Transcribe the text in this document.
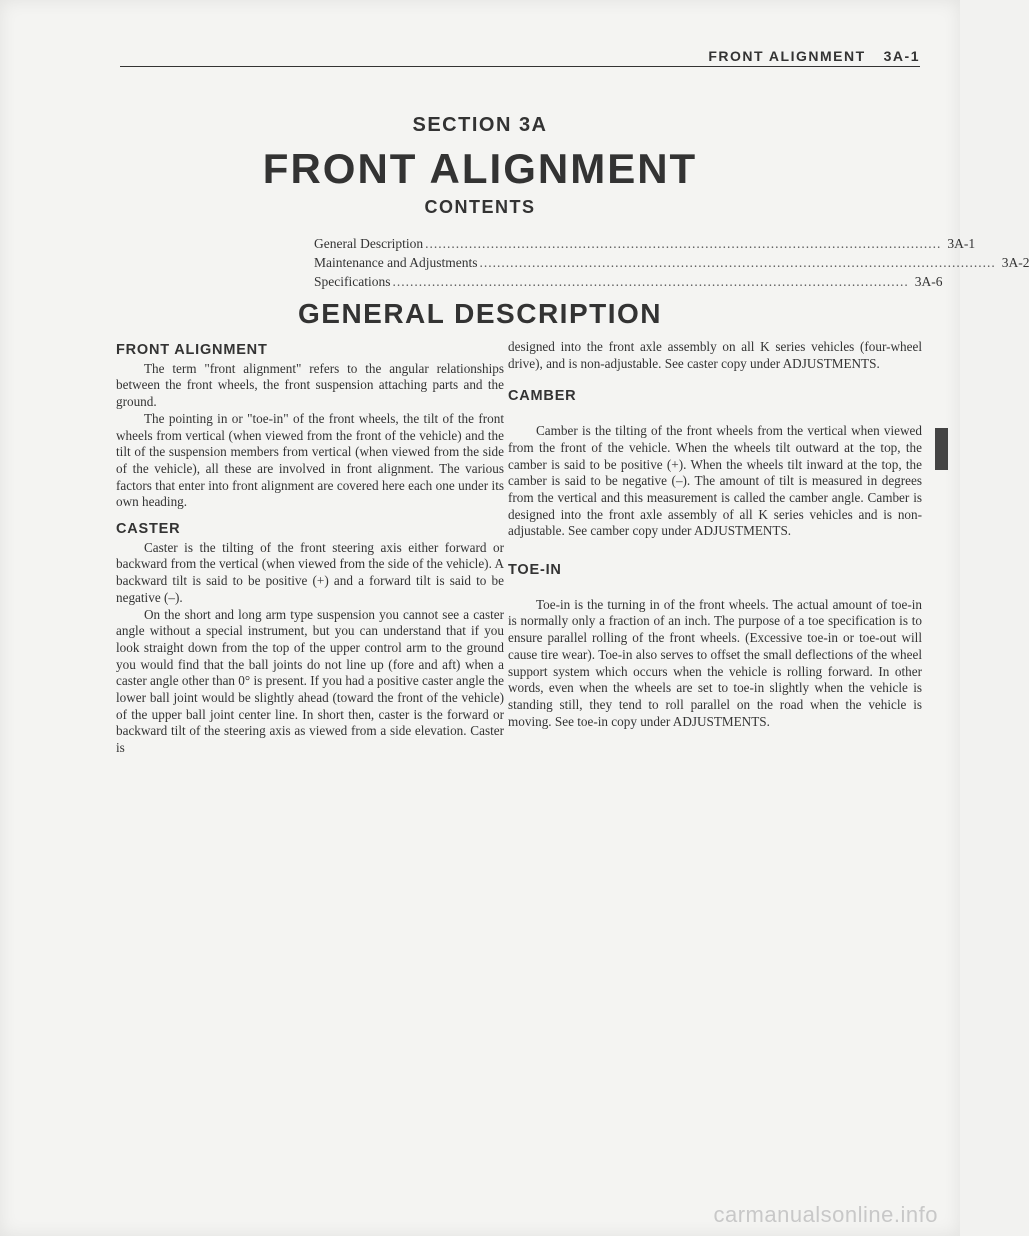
FRONT ALIGNMENT 3A-1
SECTION 3A
FRONT ALIGNMENT
CONTENTS
General Description ...................................................................................................................... 3A-1
Maintenance and Adjustments ...................................................................................................................... 3A-2
Specifications ...................................................................................................................... 3A-6
GENERAL DESCRIPTION
FRONT ALIGNMENT

The term "front alignment" refers to the angular relationships between the front wheels, the front suspension attaching parts and the ground.

The pointing in or "toe-in" of the front wheels, the tilt of the front wheels from vertical (when viewed from the front of the vehicle) and the tilt of the suspension members from vertical (when viewed from the side of the vehicle), all these are involved in front alignment. The various factors that enter into front alignment are covered here each one under its own heading.

CASTER

Caster is the tilting of the front steering axis either forward or backward from the vertical (when viewed from the side of the vehicle). A backward tilt is said to be positive (+) and a forward tilt is said to be negative (–).

On the short and long arm type suspension you cannot see a caster angle without a special instrument, but you can understand that if you look straight down from the top of the upper control arm to the ground you would find that the ball joints do not line up (fore and aft) when a caster angle other than 0° is present. If you had a positive caster angle the lower ball joint would be slightly ahead (toward the front of the vehicle) of the upper ball joint center line. In short then, caster is the forward or backward tilt of the steering axis as viewed from a side elevation. Caster is

designed into the front axle assembly on all K series vehicles (four-wheel drive), and is non-adjustable. See caster copy under ADJUSTMENTS.

CAMBER

Camber is the tilting of the front wheels from the vertical when viewed from the front of the vehicle. When the wheels tilt outward at the top, the camber is said to be positive (+). When the wheels tilt inward at the top, the camber is said to be negative (–). The amount of tilt is measured in degrees from the vertical and this measurement is called the camber angle. Camber is designed into the front axle assembly of all K series vehicles and is non-adjustable. See camber copy under ADJUSTMENTS.

TOE-IN

Toe-in is the turning in of the front wheels. The actual amount of toe-in is normally only a fraction of an inch. The purpose of a toe specification is to ensure parallel rolling of the front wheels. (Excessive toe-in or toe-out will cause tire wear). Toe-in also serves to offset the small deflections of the wheel support system which occurs when the vehicle is rolling forward. In other words, even when the wheels are set to toe-in slightly when the vehicle is standing still, they tend to roll parallel on the road when the vehicle is moving. See toe-in copy under ADJUSTMENTS.

carmanualsonline.info
